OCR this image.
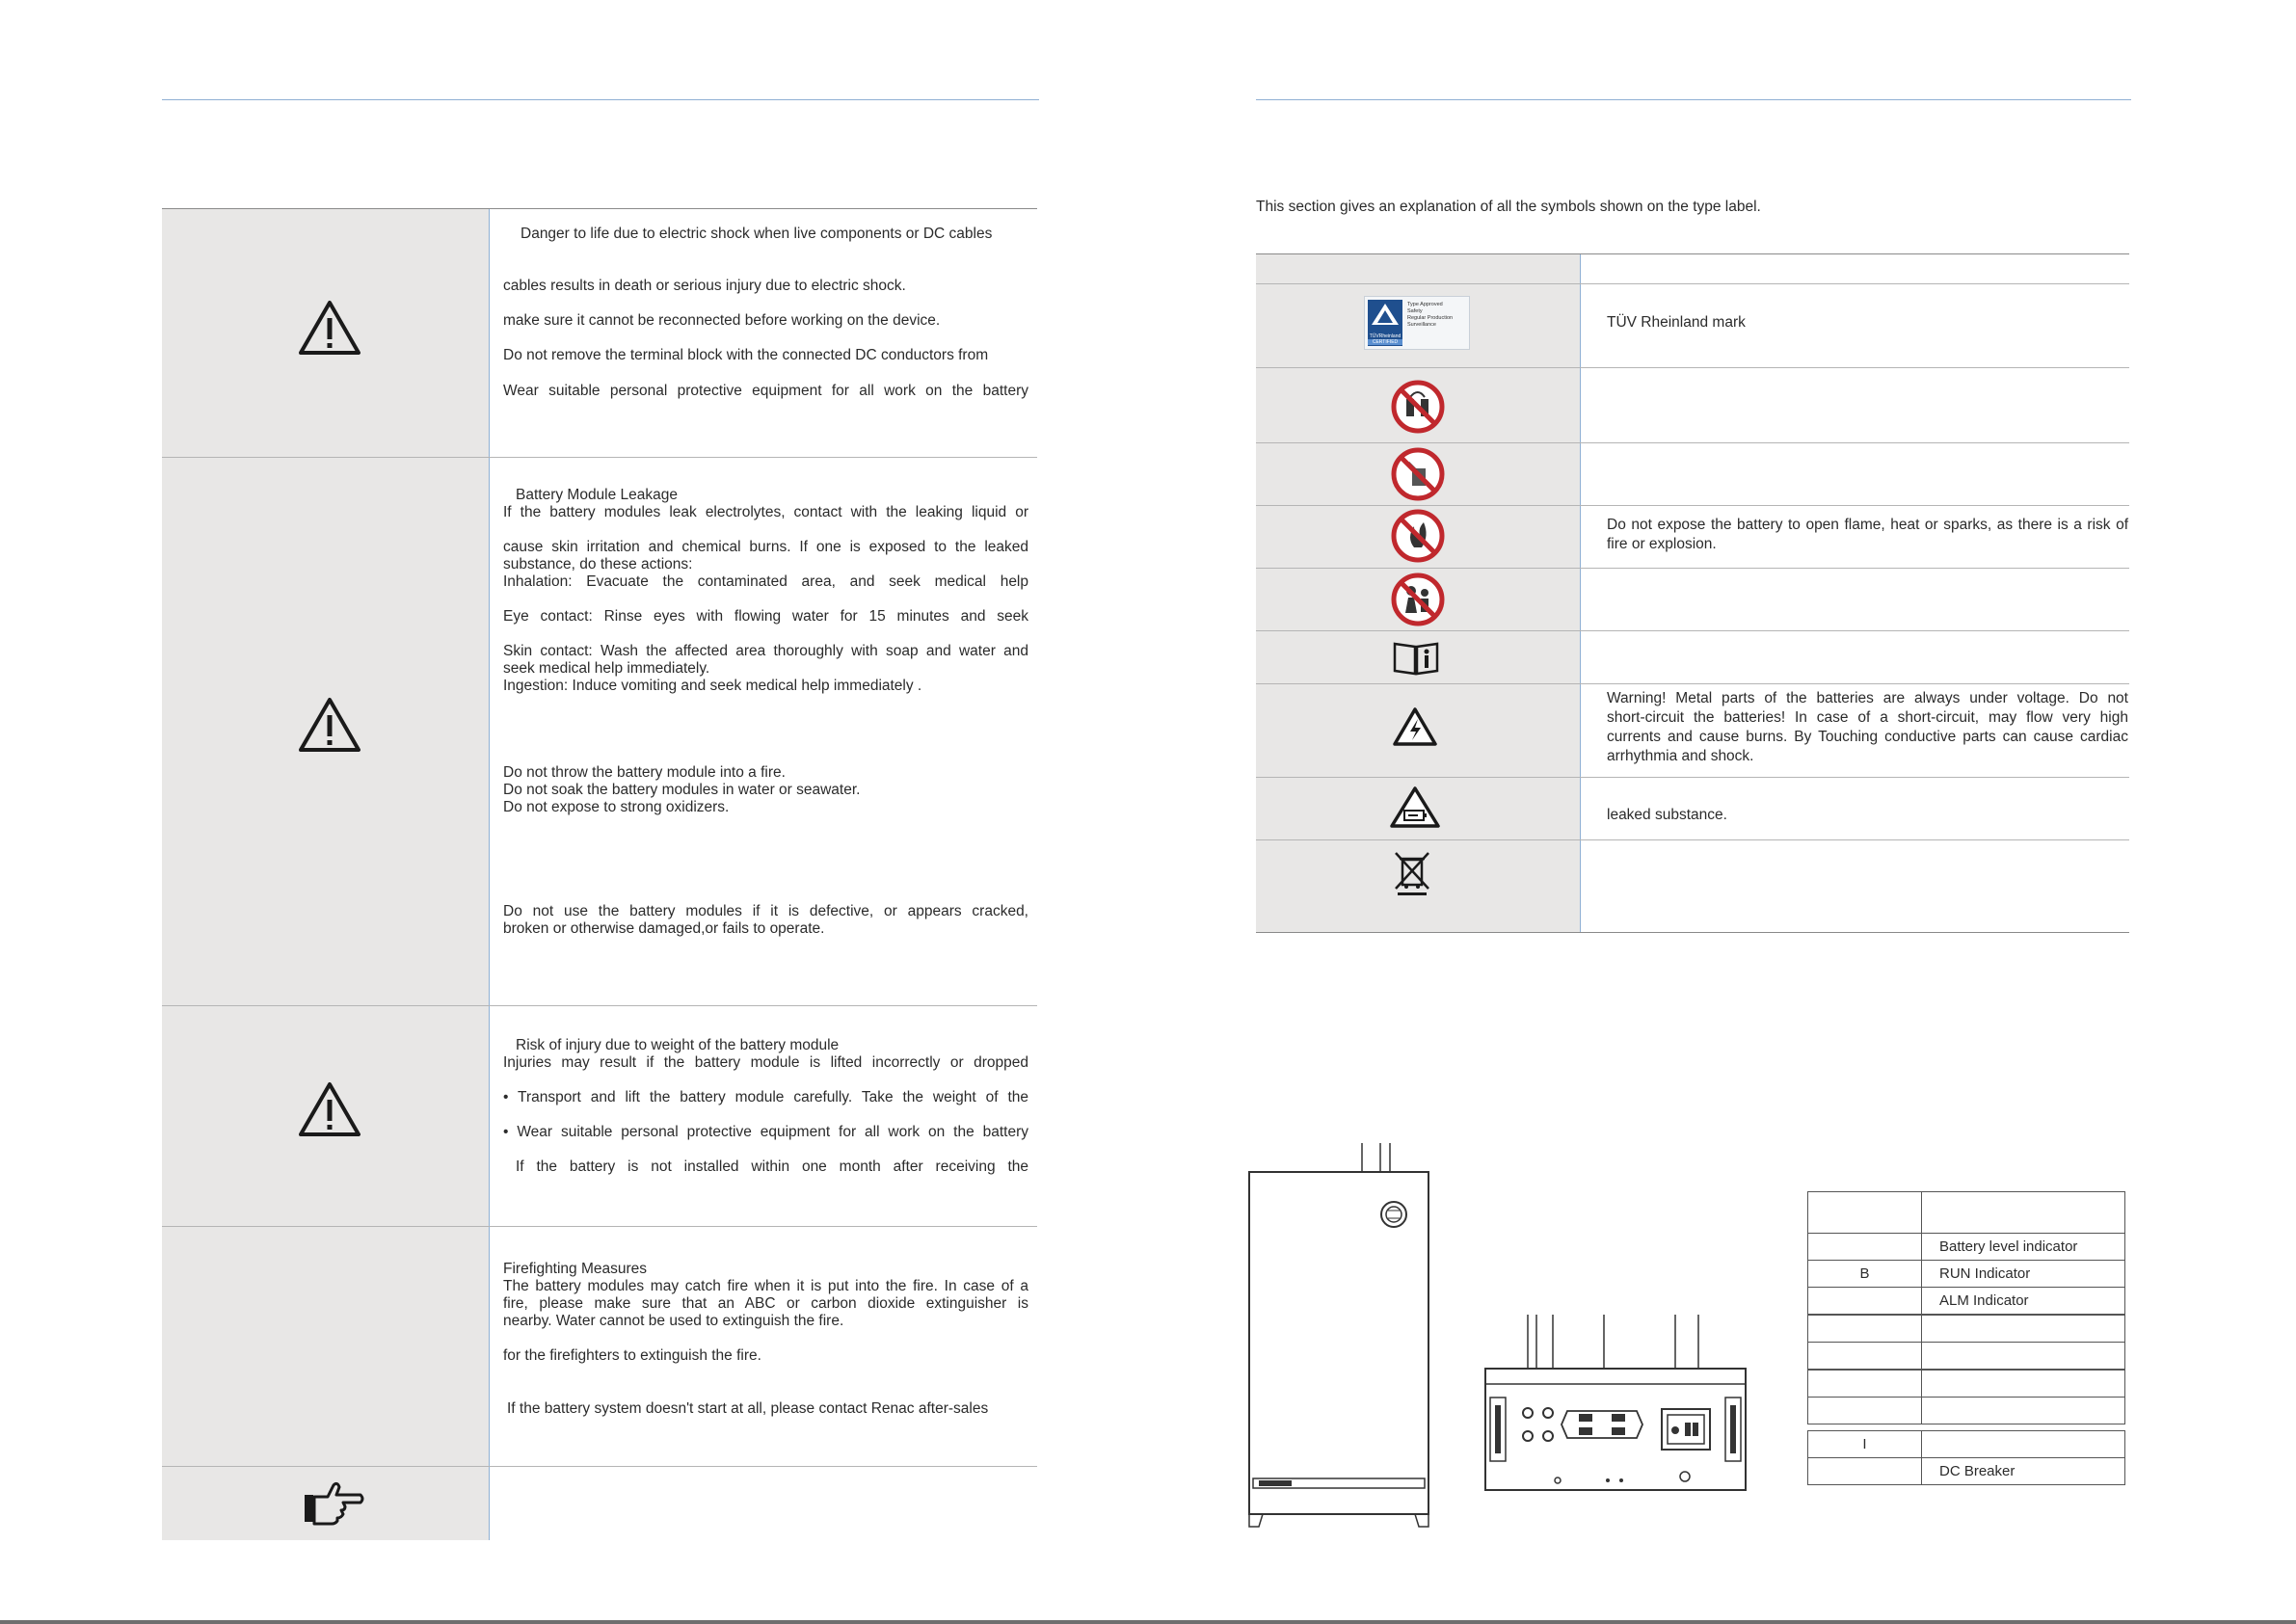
Danger to life due to electric shock when live components or DC cables

cables results in death or serious injury due to electric shock.

make sure it cannot be reconnected before working on the device.

Do not remove the terminal block with the connected DC conductors from

Wear suitable personal protective equipment for all work on the battery

Battery Module Leakage

If the battery modules leak electrolytes, contact with the leaking liquid or

cause skin irritation and chemical burns. If one is exposed to the leaked

substance, do these actions:

Inhalation: Evacuate the contaminated area, and seek medical help

Eye contact: Rinse eyes with flowing water for 15 minutes and seek

Skin contact: Wash the affected area thoroughly with soap and water and

seek medical help immediately.

Ingestion: Induce vomiting and seek medical help immediately .

Do not throw the battery module into a fire.

Do not soak the battery modules in water or seawater.

Do not expose to strong oxidizers.

Do not use the battery modules if it is defective, or appears cracked,

broken or otherwise damaged,or fails to operate.

Risk of injury due to weight of the battery module

Injuries may result if the battery module is lifted incorrectly or dropped

• Transport and lift the battery module carefully. Take the weight of the

• Wear suitable personal protective equipment for all work on the battery

If the battery is not installed within one month after receiving the

Firefighting Measures

The battery modules may catch fire when it is put into the fire. In case of a

fire, please make sure that an ABC or carbon dioxide extinguisher is

nearby. Water cannot be used to extinguish the fire.

for the firefighters to extinguish the fire.

If the battery system doesn't start at all, please contact Renac after-sales

This section gives an explanation of all the symbols shown on the type label.

TÜVRheinland
CERTIFIED
Type Approved
Safety
Regular Production
Surveillance	TÜV Rheinland mark

Do not expose the battery to open flame, heat or sparks, as there is a risk of

fire or explosion.

Warning! Metal parts of the batteries are always under voltage. Do not

short-circuit the batteries! In case of a short-circuit, may flow very high

currents and cause burns. By Touching conductive parts can cause cardiac

arrhythmia and shock.

leaked substance.

Battery level indicator
B	RUN Indicator
ALM Indicator
I
DC Breaker
